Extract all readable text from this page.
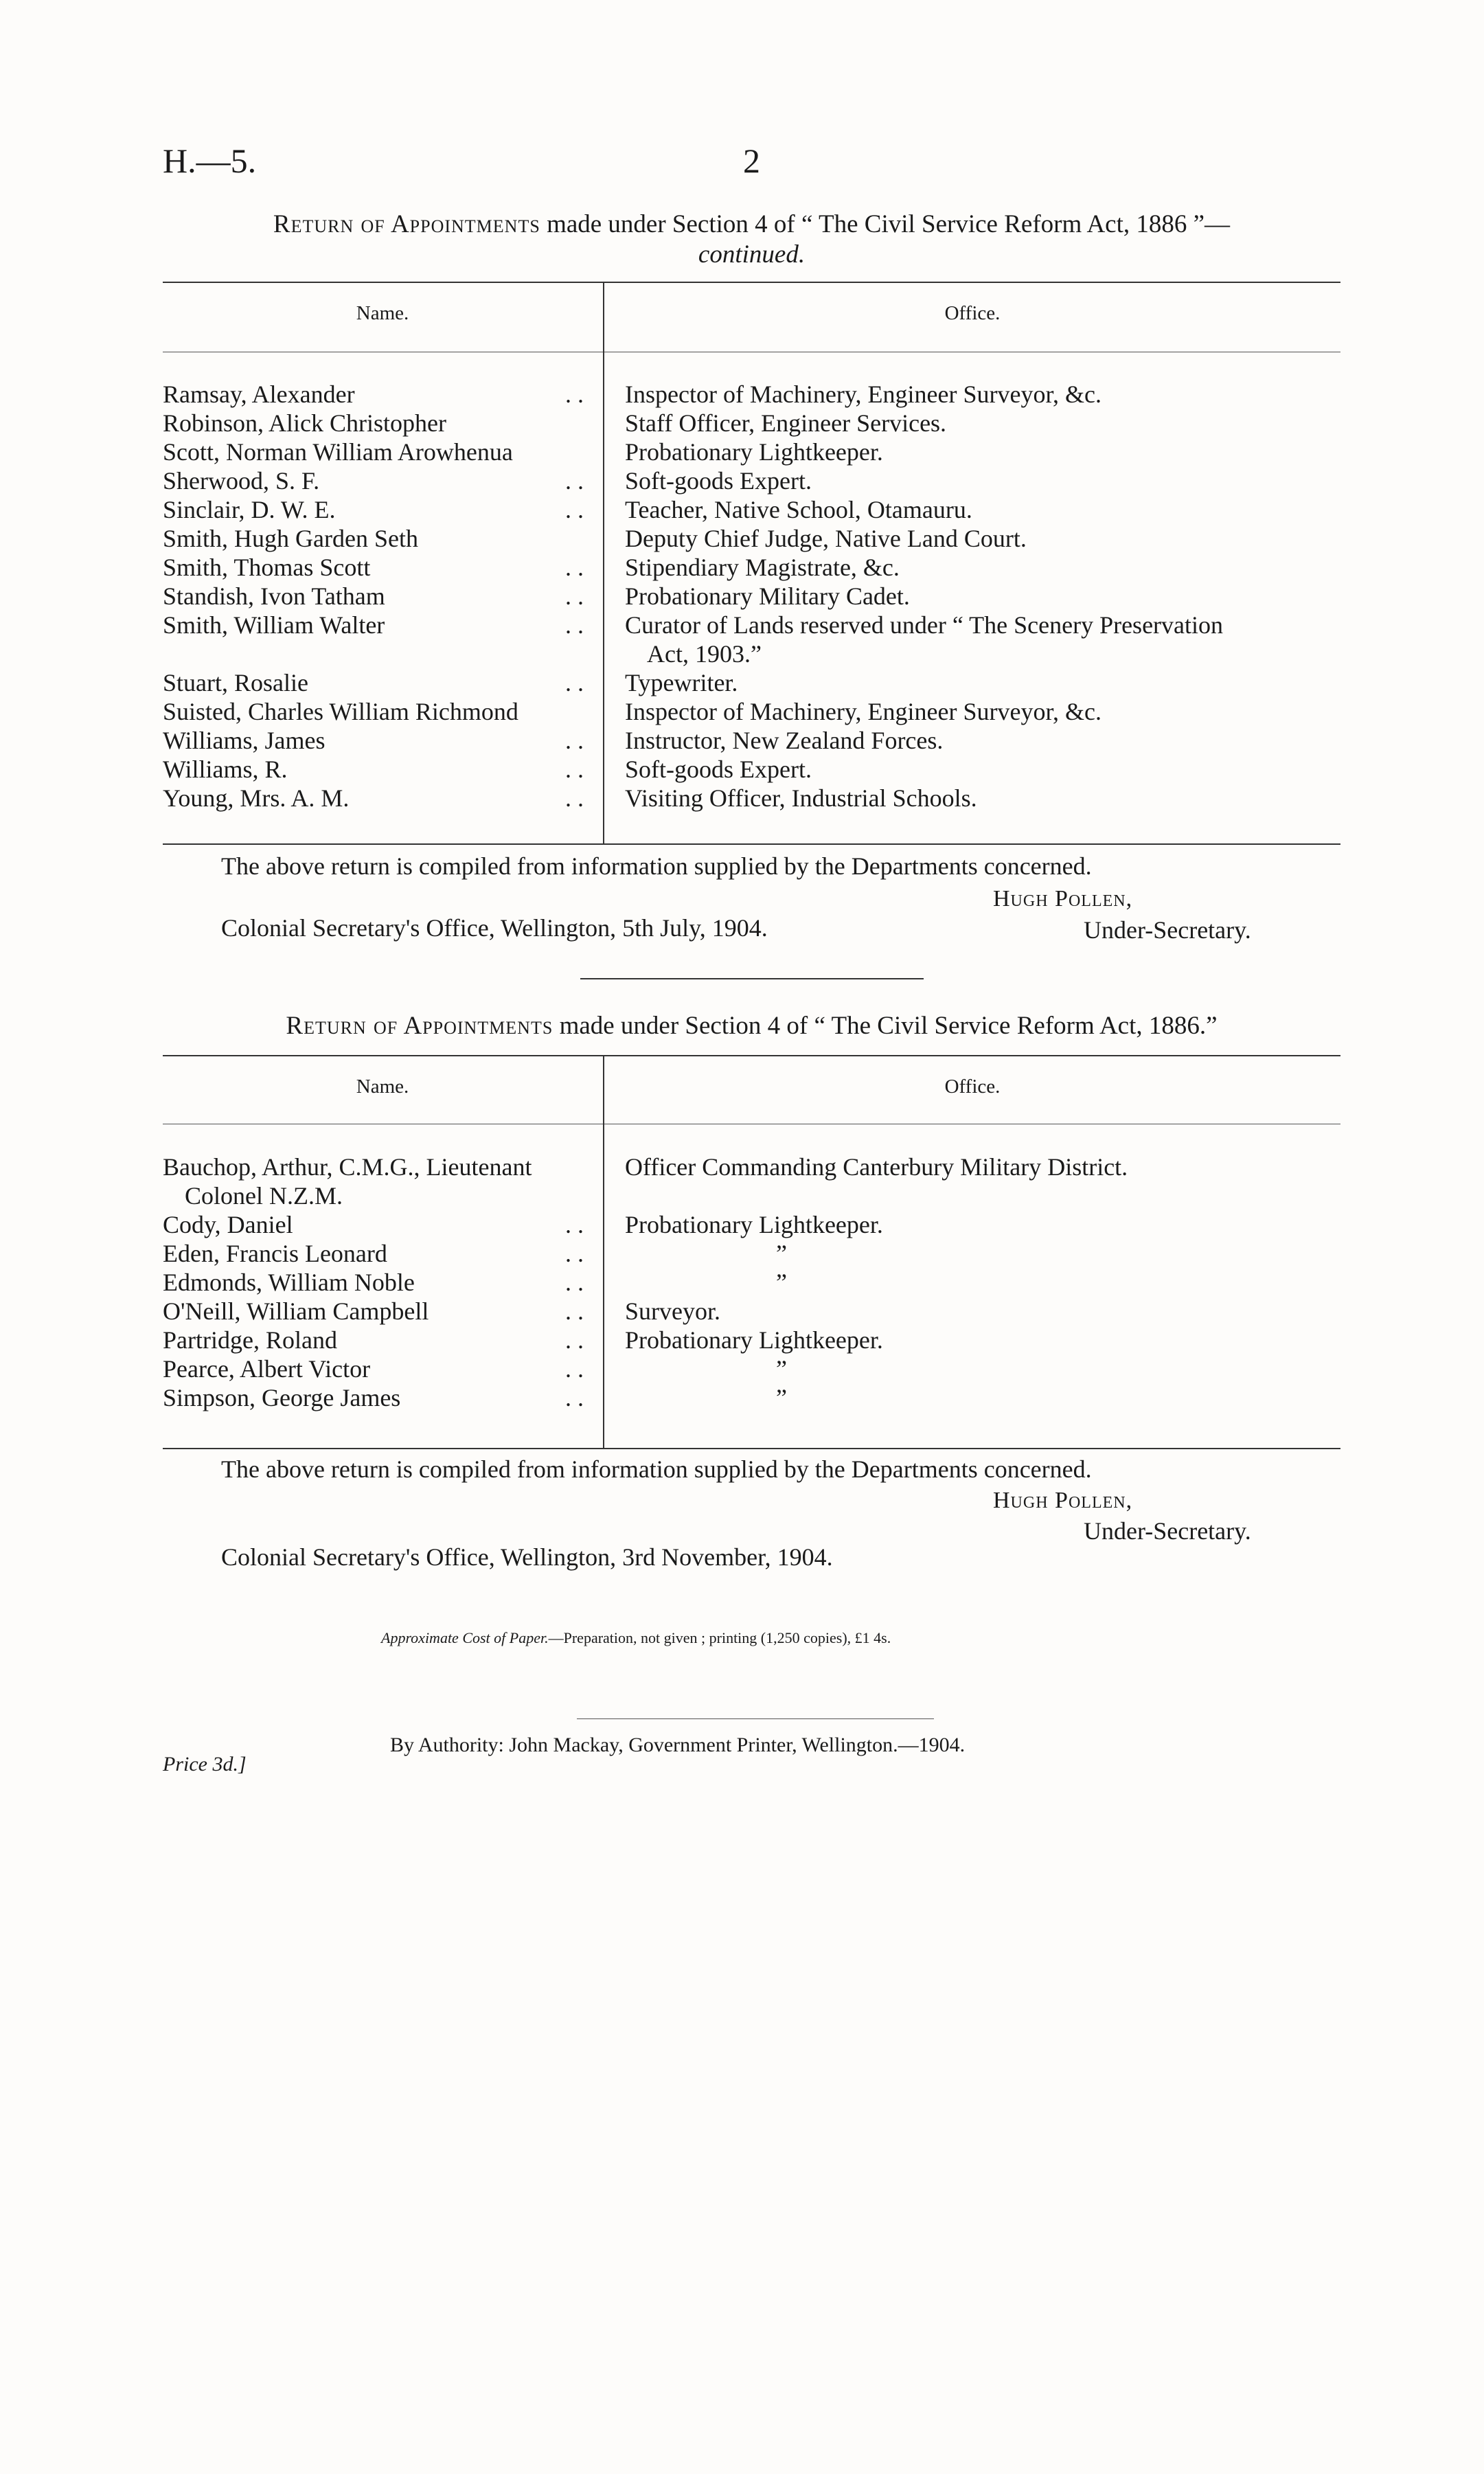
H.—5.	2
Return of Appointments made under Section 4 of “ The Civil Service Reform Act, 1886 ”—
continued.
Name.	Office.
Ramsay, Alexander	. . Inspector of Machinery, Engineer Surveyor, &c.
Robinson, Alick Christopher	Staff Officer, Engineer Services.
Scott, Norman William Arowhenua	Probationary Lightkeeper.
Sherwood, S. F.	. . Soft-goods Expert.
Sinclair, D. W. E.	. . Teacher, Native School, Otamauru.
Smith, Hugh Garden Seth	Deputy Chief Judge, Native Land Court.
Smith, Thomas Scott	. . Stipendiary Magistrate, &c.
Standish, Ivon Tatham	. . Probationary Military Cadet.
Smith, William Walter	. . Curator of Lands reserved under “ The Scenery Preservation
Act, 1903.”
Stuart, Rosalie	. . Typewriter.
Suisted, Charles William Richmond	Inspector of Machinery, Engineer Surveyor, &c.
Williams, James	. . Instructor, New Zealand Forces.
Williams, R.	. . Soft-goods Expert.
Young, Mrs. A. M.	. . Visiting Officer, Industrial Schools.
The above return is compiled from information supplied by the Departments concerned.
Hugh Pollen,
Colonial Secretary's Office, Wellington, 5th July, 1904.	Under-Secretary.
Return of Appointments made under Section 4 of “ The Civil Service Reform Act, 1886.”
Name.	Office.
Bauchop, Arthur, C.M.G., Lieutenant
Colonel N.Z.M.
Officer Commanding Canterbury Military District.
Cody, Daniel	. . Probationary Lightkeeper.
Eden, Francis Leonard	. .	”
Edmonds, William Noble	. .	”
O'Neill, William Campbell	. . Surveyor.
Partridge, Roland	. . Probationary Lightkeeper.
Pearce, Albert Victor	. .	”
Simpson, George James	. .	”
The above return is compiled from information supplied by the Departments concerned.
Hugh Pollen,
Under-Secretary.
Colonial Secretary's Office, Wellington, 3rd November, 1904.
Approximate Cost of Paper.—Preparation, not given ; printing (1,250 copies), £1 4s.
By Authority: John Mackay, Government Printer, Wellington.—1904.
Price 3d.]
